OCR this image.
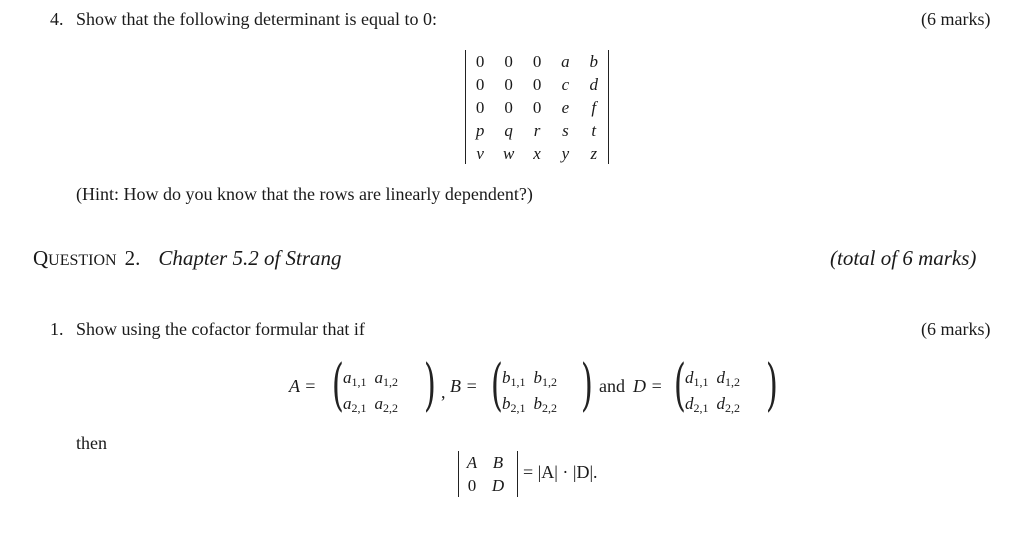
4. Show that the following determinant is equal to 0:	(6 marks)
0	0	0	a	b
0	0	0	c	d
0	0	0	e	f
p	q	r	s	t
v	w	x	y	z
(Hint: How do you know that the rows are linearly dependent?)
QUESTION 2. Chapter 5.2 of Strang	(total of 6 marks)
1. Show using the cofactor formular that if	(6 marks)
A = ( $a_{1,1}$	$a_{1,2}$
$a_{2,1}$	$a_{2,2}$ ) , B = ( $b_{1,1}$	$b_{1,2}$
$b_{2,1}$	$b_{2,2}$ ) and D = ( $d_{1,1}$	$d_{1,2}$
$d_{2,1}$	$d_{2,2}$ )
then
A	B
0	D
= |A| · |D|.
